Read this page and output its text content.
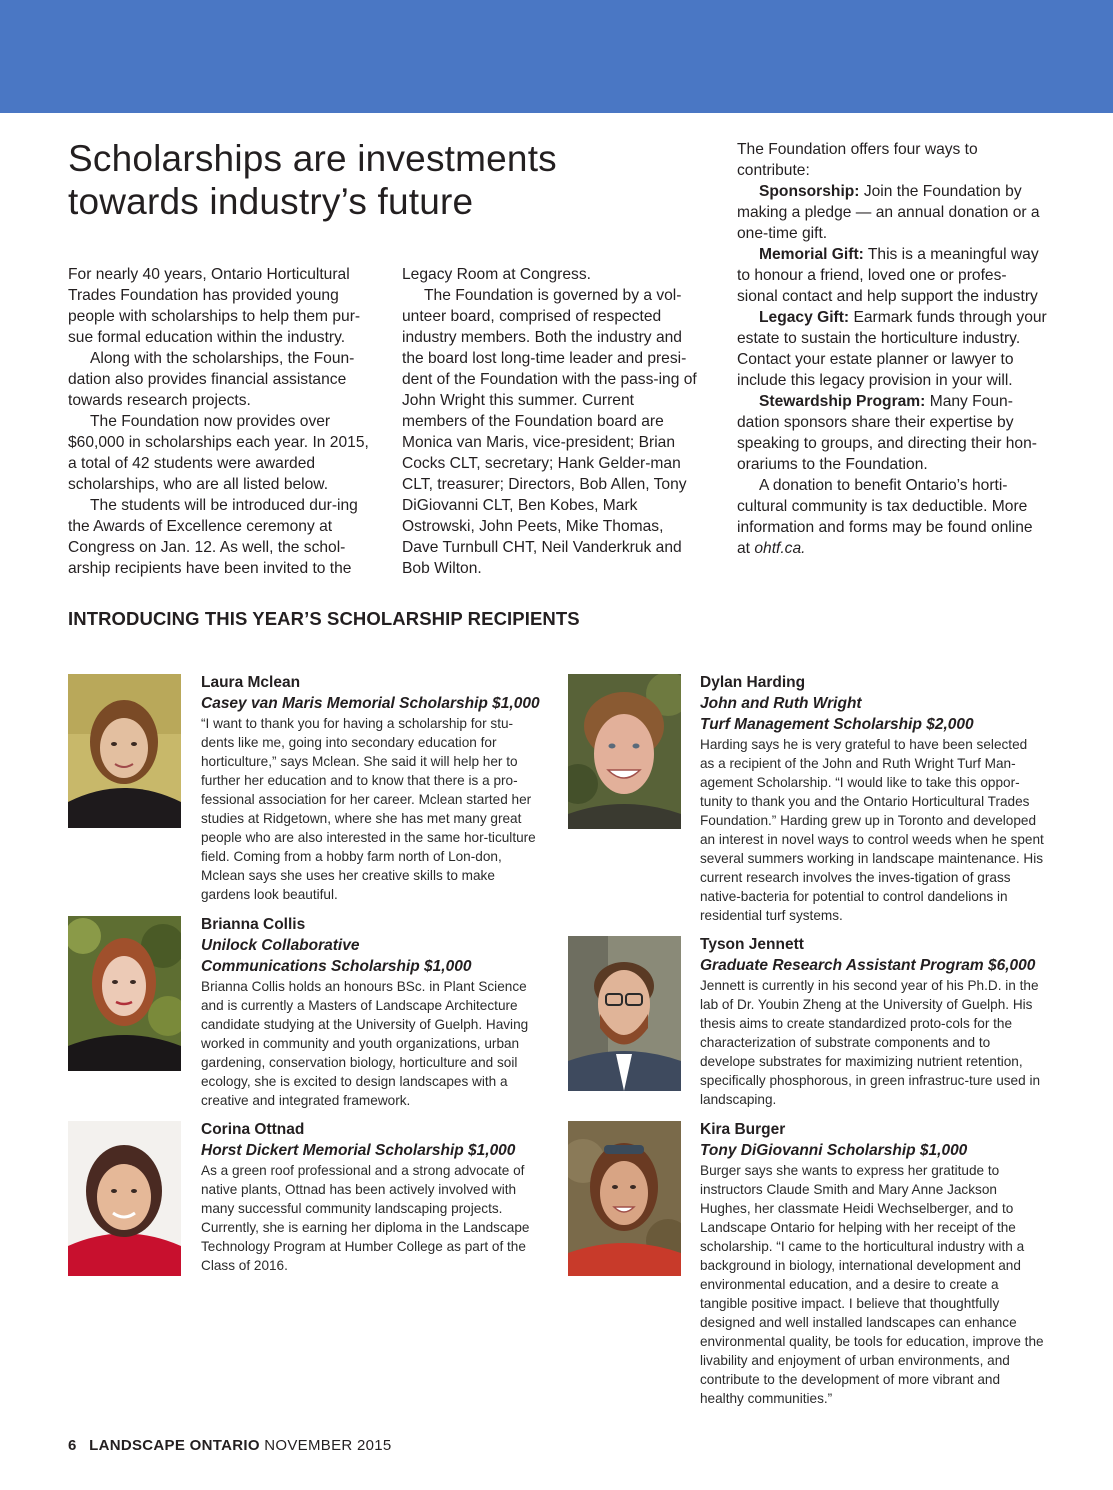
Scholarships are investments
towards industry’s future

For nearly 40 years, Ontario Horticultural Trades Foundation has provided young people with scholarships to help them pur-sue formal education within the industry.

Along with the scholarships, the Foun-dation also provides financial assistance towards research projects.

The Foundation now provides over $60,000 in scholarships each year. In 2015, a total of 42 students were awarded scholarships, who are all listed below.

The students will be introduced dur-ing the Awards of Excellence ceremony at Congress on Jan. 12. As well, the schol-arship recipients have been invited to the

Legacy Room at Congress.

The Foundation is governed by a vol-unteer board, comprised of respected industry members. Both the industry and the board lost long-time leader and presi-dent of the Foundation with the pass-ing of John Wright this summer. Current members of the Foundation board are Monica van Maris, vice-president; Brian Cocks CLT, secretary; Hank Gelder-man CLT, treasurer; Directors, Bob Allen, Tony DiGiovanni CLT, Ben Kobes, Mark Ostrowski, John Peets, Mike Thomas, Dave Turnbull CHT, Neil Vanderkruk and Bob Wilton.

The Foundation offers four ways to contribute:

Sponsorship: Join the Foundation by making a pledge — an annual donation or a one-time gift.

Memorial Gift: This is a meaningful way to honour a friend, loved one or profes-sional contact and help support the industry

Legacy Gift: Earmark funds through your estate to sustain the horticulture industry. Contact your estate planner or lawyer to include this legacy provision in your will.

Stewardship Program: Many Foun-dation sponsors share their expertise by speaking to groups, and directing their hon-orariums to the Foundation.

A donation to benefit Ontario’s horti-cultural community is tax deductible. More information and forms may be found online at ohtf.ca.

INTRODUCING THIS YEAR’S SCHOLARSHIP RECIPIENTS
Laura Mclean
Casey van Maris Memorial Scholarship $1,000

“I want to thank you for having a scholarship for stu-dents like me, going into secondary education for horticulture,” says Mclean. She said it will help her to further her education and to know that there is a pro-fessional association for her career. Mclean started her studies at Ridgetown, where she has met many great people who are also interested in the same hor-ticulture field. Coming from a hobby farm north of Lon-don, Mclean says she uses her creative skills to make gardens look beautiful.

Brianna Collis
Unilock Collaborative
Communications Scholarship $1,000

Brianna Collis holds an honours BSc. in Plant Science and is currently a Masters of Landscape Architecture candidate studying at the University of Guelph. Having worked in community and youth organizations, urban gardening, conservation biology, horticulture and soil ecology, she is excited to design landscapes with a creative and integrated framework.

Corina Ottnad
Horst Dickert Memorial Scholarship $1,000

As a green roof professional and a strong advocate of native plants, Ottnad has been actively involved with many successful community landscaping projects. Currently, she is earning her diploma in the Landscape Technology Program at Humber College as part of the Class of 2016.

Dylan Harding
John and Ruth Wright
Turf Management Scholarship $2,000

Harding says he is very grateful to have been selected as a recipient of the John and Ruth Wright Turf Man-agement Scholarship. “I would like to take this oppor-tunity to thank you and the Ontario Horticultural Trades Foundation.” Harding grew up in Toronto and developed an interest in novel ways to control weeds when he spent several summers working in landscape maintenance. His current research involves the inves-tigation of grass native-bacteria for potential to control dandelions in residential turf systems.

Tyson Jennett
Graduate Research Assistant Program $6,000

Jennett is currently in his second year of his Ph.D. in the lab of Dr. Youbin Zheng at the University of Guelph. His thesis aims to create standardized proto-cols for the characterization of substrate components and to develope substrates for maximizing nutrient retention, specifically phosphorous, in green infrastruc-ture used in landscaping.

Kira Burger
Tony DiGiovanni Scholarship $1,000

Burger says she wants to express her gratitude to instructors Claude Smith and Mary Anne Jackson Hughes, her classmate Heidi Wechselberger, and to Landscape Ontario for helping with her receipt of the scholarship. “I came to the horticultural industry with a background in biology, international development and environmental education, and a desire to create a tangible positive impact. I believe that thoughtfully designed and well installed landscapes can enhance environmental quality, be tools for education, improve the livability and enjoyment of urban environments, and contribute to the development of more vibrant and healthy communities.”

6 LANDSCAPE ONTARIO NOVEMBER 2015
